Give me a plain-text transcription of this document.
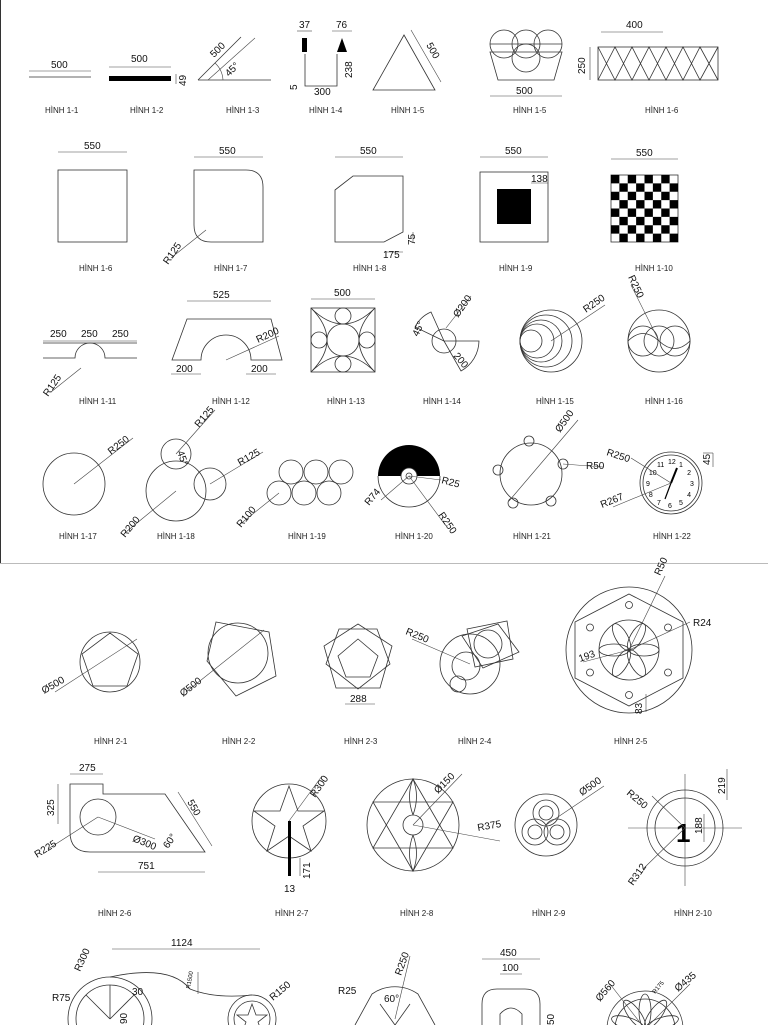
500
HÌNH 1-1
500
49
HÌNH 1-2
500
45°
HÌNH 1-3
37	76
238
300
5
HÌNH 1-4
500
HÌNH 1-5
500
HÌNH 1-5
400
250
HÌNH 1-6
550
HÌNH 1-6
550
R125
HÌNH 1-7
550
175
75
HÌNH 1-8
550
138
HÌNH 1-9
550
HÌNH 1-10
250 250 250
R125
HÌNH 1-11
525
R200
200	200
HÌNH 1-12
500
HÌNH 1-13
Ø200
45°
200
HÌNH 1-14
R250
HÌNH 1-15
R250
HÌNH 1-16
R250
HÌNH 1-17
R125
45°	R125
R200 HÌNH 1-18
R100
HÌNH 1-19
R25
R74
R250
HÌNH 1-20
Ø500
R50
HÌNH 1-21
12 1
2
3
4
5
6
7
8
9
10
11
R250	45
R267
HÌNH 1-22
Ø500
HÌNH 2-1
Ø500
HÌNH 2-2
288
HÌNH 2-3
R250
HÌNH 2-4
R50
R24
193
83
HÌNH 2-5
275
325	550
R225	Ø300 60°
751
HÌNH 2-6
R300
171
13
HÌNH 2-7
Ø150
R375
HÌNH 2-8
Ø500
HÌNH 2-9
1
R250
219
188
R312
HÌNH 2-10
1124
R300
R1500	R150
R75
30
90
R250
R25
60°
450
100
50
Ø560	R175 Ø435
